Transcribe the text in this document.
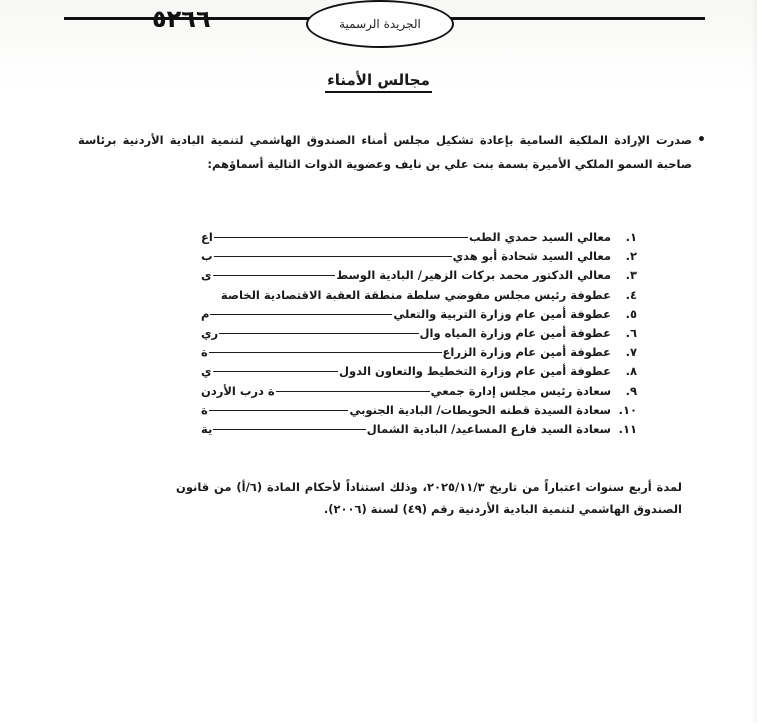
٥٢٦٦	الجريدة الرسمية
مجالس الأمناء
•
صدرت الإرادة الملكية السامية بإعادة تشكيل مجلس أمناء الصندوق الهاشمي لتنمية البادية الأردنية برئاسة صاحبة السمو الملكي الأميرة بسمة بنت علي بن نايف وعضوية الذوات التالية أسماؤهم:
١.
معالي السيد حمدي الطب
اع
٢.
معالي السيد شحادة أبو هدي
ب
٣.
معالي الدكتور محمد بركات الزهير/ البادية الوسط
ى
٤.
عطوفة رئيس مجلس مفوضي سلطة منطقة العقبة الاقتصادية الخاصة
٥.
عطوفة أمين عام وزارة التربية والتعلي
م
٦.
عطوفة أمين عام وزارة المياه وال
ري
٧.
عطوفة أمين عام وزارة الزراع
ة
٨.
عطوفة أمين عام وزارة التخطيط والتعاون الدول
ي
٩.
سعادة رئيس مجلس إدارة جمعي
ة درب الأردن
١٠.
سعادة السيدة قطنه الحويطات/ البادية الجنوبي
ة
١١.
سعادة السيد فارع المساعيد/ البادية الشمال
ية
لمدة أربع سنوات اعتباراً من تاريخ ٢٠٢٥/١١/٣، وذلك استناداً لأحكام المادة (٦/أ) من قانون الصندوق الهاشمي لتنمية البادية الأردنية رقم (٤٩) لسنة (٢٠٠٦).
